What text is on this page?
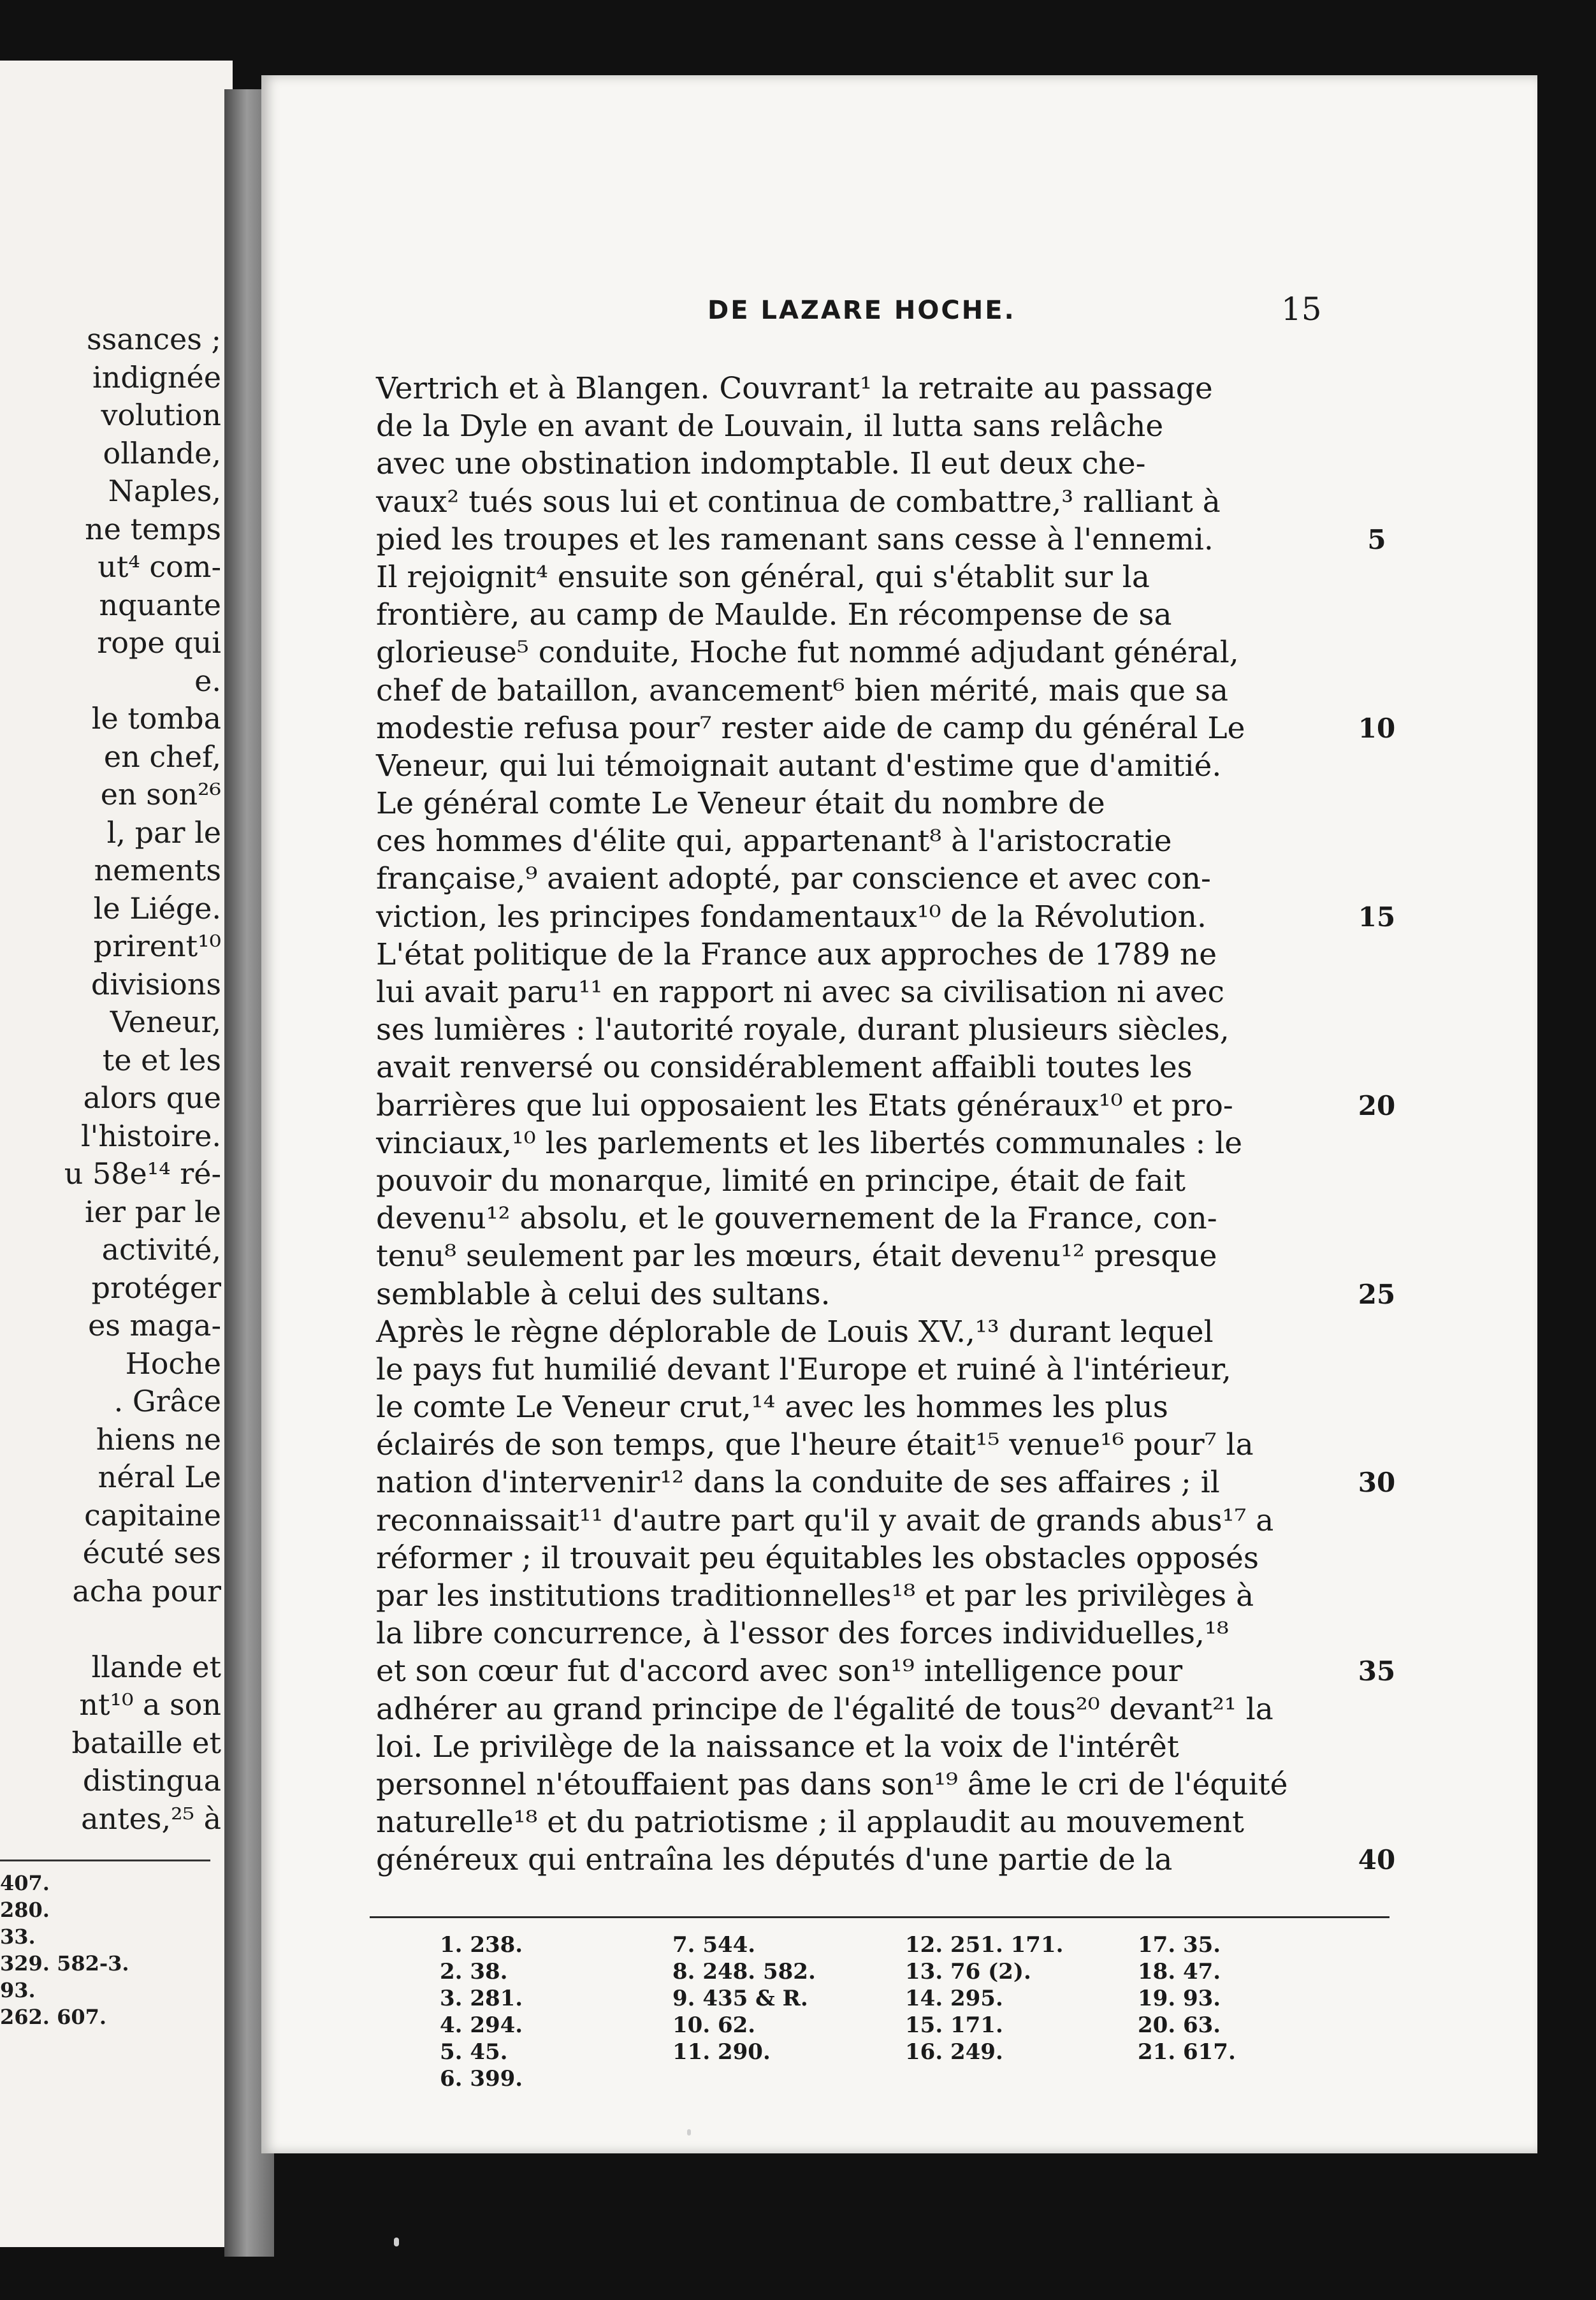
ssances ;
indignée
volution
ollande,
Naples,
ne temps
ut⁴ com-
nquante
rope qui
e.
le tomba
en chef,
en son²⁶
l, par le
nements
le Liége.
prirent¹⁰
divisions
Veneur,
te et les
alors que
l'histoire.
u 58e¹⁴ ré-
ier par le
activité,
protéger
es maga-
Hoche
. Grâce
hiens ne
néral Le
capitaine
écuté ses
acha pour
llande et
nt¹⁰ a son
bataille et
distingua
antes,²⁵ à
407.
280.
33.
329. 582-3.
93.
262. 607.
DE LAZARE HOCHE.	15
Vertrich et à Blangen. Couvrant¹ la retraite au passage
de la Dyle en avant de Louvain, il lutta sans relâche
avec une obstination indomptable. Il eut deux che-
vaux² tués sous lui et continua de combattre,³ ralliant à
pied les troupes et les ramenant sans cesse à l'ennemi.
Il rejoignit⁴ ensuite son général, qui s'établit sur la
frontière, au camp de Maulde. En récompense de sa
glorieuse⁵ conduite, Hoche fut nommé adjudant général,
chef de bataillon, avancement⁶ bien mérité, mais que sa
modestie refusa pour⁷ rester aide de camp du général Le
Veneur, qui lui témoignait autant d'estime que d'amitié.
Le général comte Le Veneur était du nombre de
ces hommes d'élite qui, appartenant⁸ à l'aristocratie
française,⁹ avaient adopté, par conscience et avec con-
viction, les principes fondamentaux¹⁰ de la Révolution.
L'état politique de la France aux approches de 1789 ne
lui avait paru¹¹ en rapport ni avec sa civilisation ni avec
ses lumières : l'autorité royale, durant plusieurs siècles,
avait renversé ou considérablement affaibli toutes les
barrières que lui opposaient les Etats généraux¹⁰ et pro-
vinciaux,¹⁰ les parlements et les libertés communales : le
pouvoir du monarque, limité en principe, était de fait
devenu¹² absolu, et le gouvernement de la France, con-
tenu⁸ seulement par les mœurs, était devenu¹² presque
semblable à celui des sultans.
Après le règne déplorable de Louis XV.,¹³ durant lequel
le pays fut humilié devant l'Europe et ruiné à l'intérieur,
le comte Le Veneur crut,¹⁴ avec les hommes les plus
éclairés de son temps, que l'heure était¹⁵ venue¹⁶ pour⁷ la
nation d'intervenir¹² dans la conduite de ses affaires ; il
reconnaissait¹¹ d'autre part qu'il y avait de grands abus¹⁷ a
réformer ; il trouvait peu équitables les obstacles opposés
par les institutions traditionnelles¹⁸ et par les privilèges à
la libre concurrence, à l'essor des forces individuelles,¹⁸
et son cœur fut d'accord avec son¹⁹ intelligence pour
adhérer au grand principe de l'égalité de tous²⁰ devant²¹ la
loi. Le privilège de la naissance et la voix de l'intérêt
personnel n'étouffaient pas dans son¹⁹ âme le cri de l'équité
naturelle¹⁸ et du patriotisme ; il applaudit au mouvement
généreux qui entraîna les députés d'une partie de la
5
10
15
20
25
30
35
40
1. 238.
2. 38.
3. 281.
4. 294.
5. 45.
6. 399.
7. 544.
8. 248. 582.
9. 435 & R.
10. 62.
11. 290.
12. 251. 171.
13. 76 (2).
14. 295.
15. 171.
16. 249.
17. 35.
18. 47.
19. 93.
20. 63.
21. 617.
